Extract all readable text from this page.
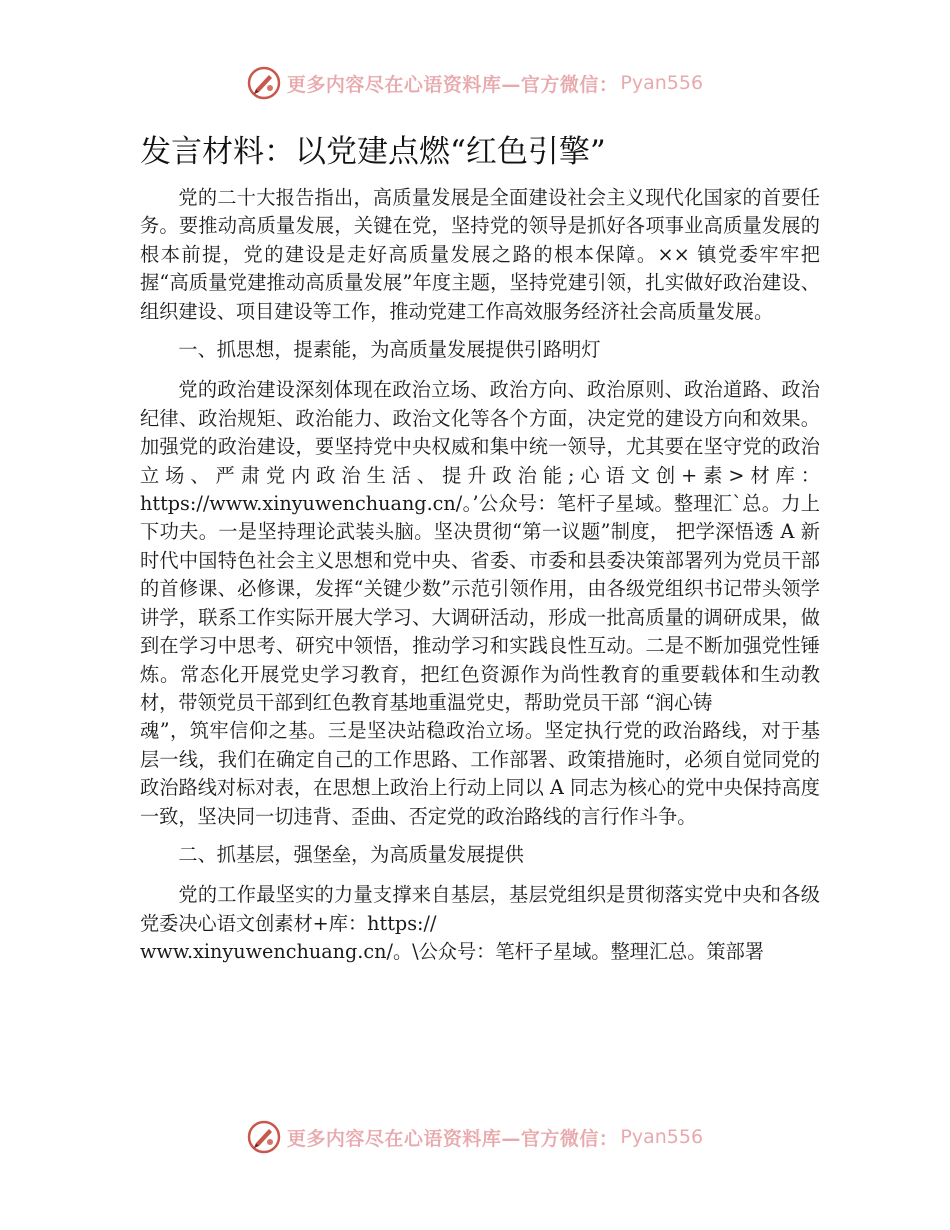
更多内容尽在心语资料库—官方微信： Pyan556
发言材料：以党建点燃“红色引擎”

党的二十大报告指出，高质量发展是全面建设社会主义现代化国家的首要任务。要推动高质量发展，关键在党，坚持党的领导是抓好各项事业高质量发展的根本前提，党的建设是走好高质量发展之路的根本保障。×× 镇党委牢牢把握“高质量党建推动高质量发展”年度主题，坚持党建引领，扎实做好政治建设、组织建设、项目建设等工作，推动党建工作高效服务经济社会高质量发展。

一、抓思想，提素能，为高质量发展提供引路明灯

党的政治建设深刻体现在政治立场、政治方向、政治原则、政治道路、政治纪律、政治规矩、政治能力、政治文化等各个方面，决定党的建设方向和效果。加强党的政治建设，要坚持党中央权威和集中统一领导，尤其要在坚守党的政治立场、严肃党内政治生活、提升政治能;心语文创+素>材库：https://www.xinyuwenchuang.cn/。’公众号：笔杆子星域。整理汇`总。力上下功夫。一是坚持理论武装头脑。坚决贯彻“第一议题”制度， 把学深悟透 A 新时代中国特色社会主义思想和党中央、省委、市委和县委决策部署列为党员干部的首修课、必修课，发挥“关键少数”示范引领作用，由各级党组织书记带头领学讲学，联系工作实际开展大学习、大调研活动，形成一批高质量的调研成果，做到在学习中思考、研究中领悟，推动学习和实践良性互动。二是不断加强党性锤炼。常态化开展党史学习教育，把红色资源作为尚性教育的重要载体和生动教材，带领党员干部到红色教育基地重温党史，帮助党员干部 “润心铸

魂”，筑牢信仰之基。三是坚决站稳政治立场。坚定执行党的政治路线，对于基层一线，我们在确定自己的工作思路、工作部署、政策措施时，必须自觉同党的政治路线对标对表，在思想上政治上行动上同以 A 同志为核心的党中央保持高度一致，坚决同一切违背、歪曲、否定党的政治路线的言行作斗争。

二、抓基层，强堡垒，为高质量发展提供

党的工作最坚实的力量支撑来自基层，基层党组织是贯彻落实党中央和各级党委决心语文创素材+库：https://

www.xinyuwenchuang.cn/。\公众号：笔杆子星域。整理汇总。策部署

更多内容尽在心语资料库—官方微信： Pyan556
